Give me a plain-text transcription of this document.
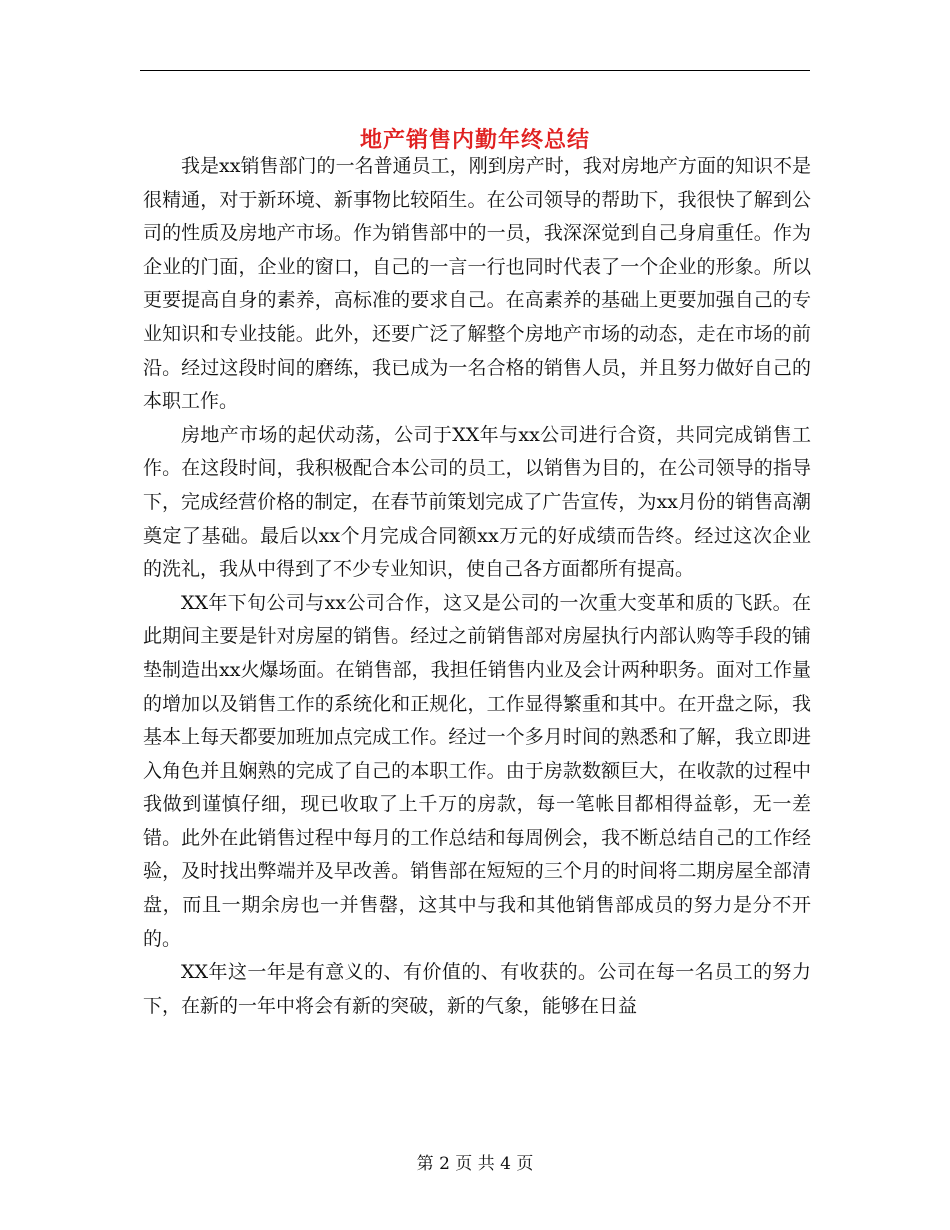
地产销售内勤年终总结

我是xx销售部门的一名普通员工，刚到房产时，我对房地产方面的知识不是很精通，对于新环境、新事物比较陌生。在公司领导的帮助下，我很快了解到公司的性质及房地产市场。作为销售部中的一员，我深深觉到自己身肩重任。作为企业的门面，企业的窗口，自己的一言一行也同时代表了一个企业的形象。所以更要提高自身的素养，高标准的要求自己。在高素养的基础上更要加强自己的专业知识和专业技能。此外，还要广泛了解整个房地产市场的动态，走在市场的前沿。经过这段时间的磨练，我已成为一名合格的销售人员，并且努力做好自己的本职工作。

房地产市场的起伏动荡，公司于XX年与xx公司进行合资，共同完成销售工作。在这段时间，我积极配合本公司的员工，以销售为目的，在公司领导的指导下，完成经营价格的制定，在春节前策划完成了广告宣传，为xx月份的销售高潮奠定了基础。最后以xx个月完成合同额xx万元的好成绩而告终。经过这次企业的洗礼，我从中得到了不少专业知识，使自己各方面都所有提高。

XX年下旬公司与xx公司合作，这又是公司的一次重大变革和质的飞跃。在此期间主要是针对房屋的销售。经过之前销售部对房屋执行内部认购等手段的铺垫制造出xx火爆场面。在销售部，我担任销售内业及会计两种职务。面对工作量的增加以及销售工作的系统化和正规化，工作显得繁重和其中。在开盘之际，我基本上每天都要加班加点完成工作。经过一个多月时间的熟悉和了解，我立即进入角色并且娴熟的完成了自己的本职工作。由于房款数额巨大，在收款的过程中我做到谨慎仔细，现已收取了上千万的房款，每一笔帐目都相得益彰，无一差错。此外在此销售过程中每月的工作总结和每周例会，我不断总结自己的工作经验，及时找出弊端并及早改善。销售部在短短的三个月的时间将二期房屋全部清盘，而且一期余房也一并售罄，这其中与我和其他销售部成员的努力是分不开的。

XX年这一年是有意义的、有价值的、有收获的。公司在每一名员工的努力下，在新的一年中将会有新的突破，新的气象，能够在日益

第 2 页 共 4 页
